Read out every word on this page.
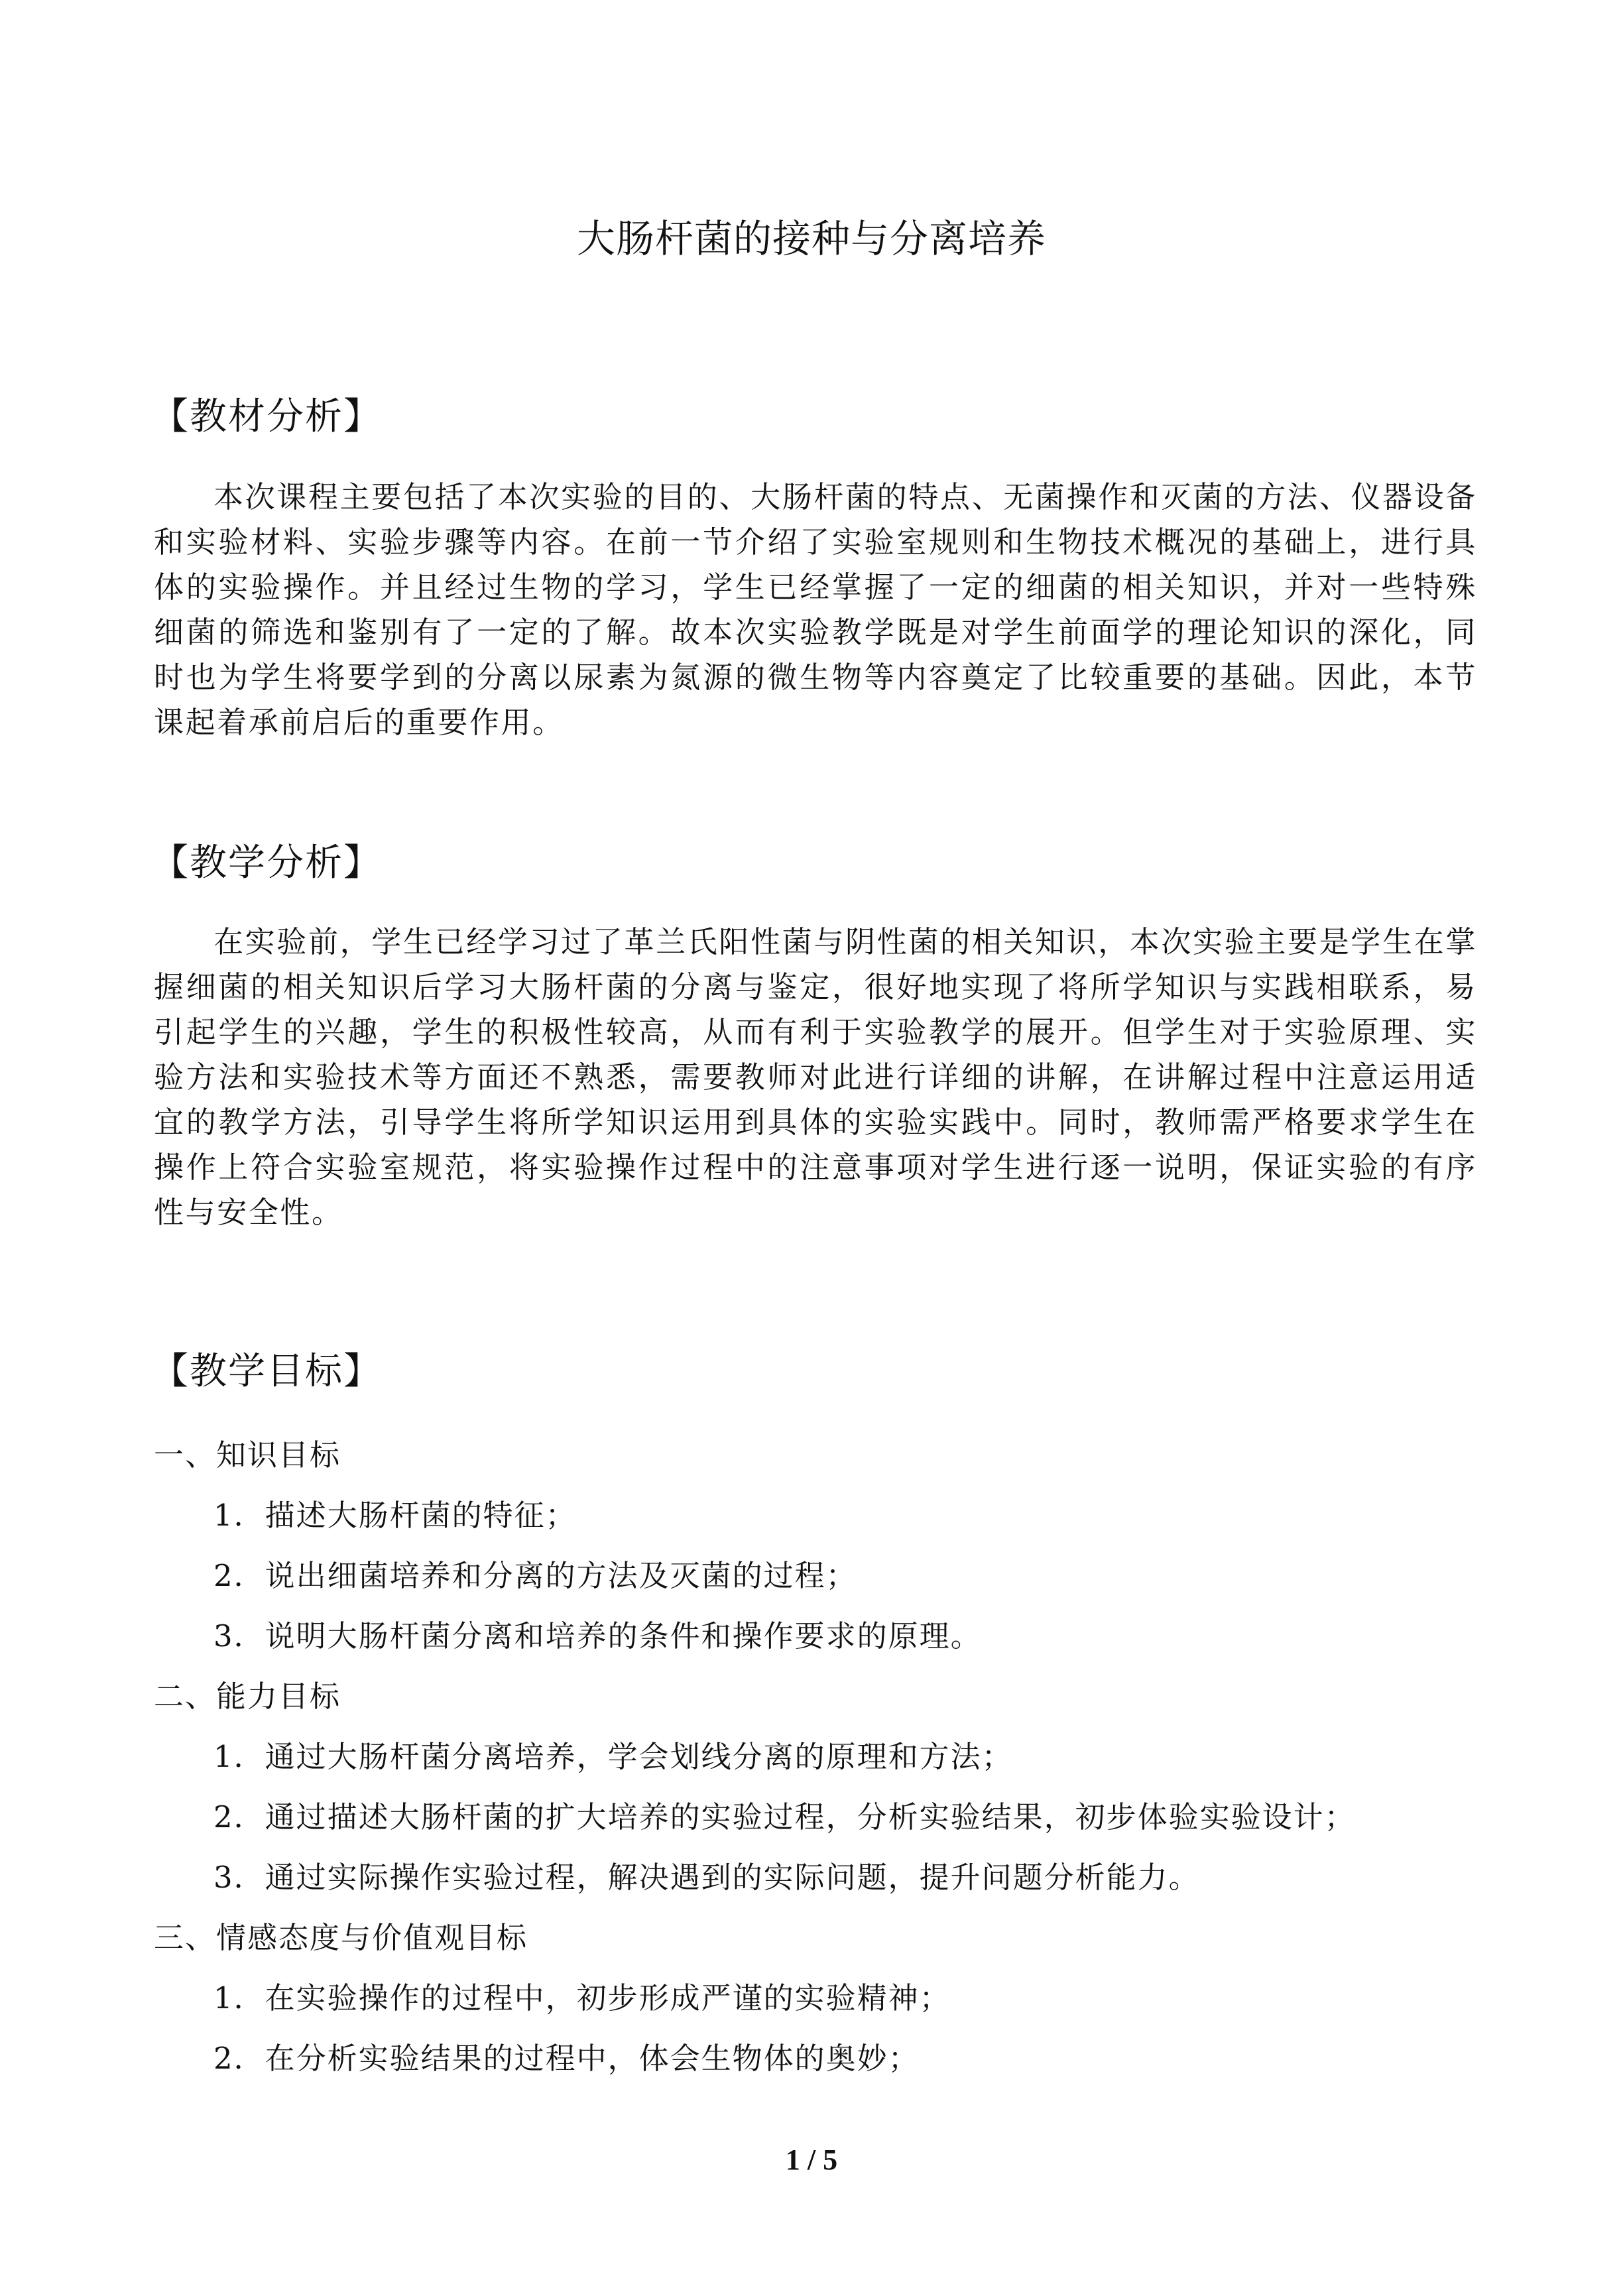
大肠杆菌的接种与分离培养
【教材分析】
本次课程主要包括了本次实验的目的、大肠杆菌的特点、无菌操作和灭菌的方法、仪器设备和实验材料、实验步骤等内容。在前一节介绍了实验室规则和生物技术概况的基础上，进行具体的实验操作。并且经过生物的学习，学生已经掌握了一定的细菌的相关知识，并对一些特殊细菌的筛选和鉴别有了一定的了解。故本次实验教学既是对学生前面学的理论知识的深化，同时也为学生将要学到的分离以尿素为氮源的微生物等内容奠定了比较重要的基础。因此，本节课起着承前启后的重要作用。
【教学分析】
在实验前，学生已经学习过了革兰氏阳性菌与阴性菌的相关知识，本次实验主要是学生在掌握细菌的相关知识后学习大肠杆菌的分离与鉴定，很好地实现了将所学知识与实践相联系，易引起学生的兴趣，学生的积极性较高，从而有利于实验教学的展开。但学生对于实验原理、实验方法和实验技术等方面还不熟悉，需要教师对此进行详细的讲解，在讲解过程中注意运用适宜的教学方法，引导学生将所学知识运用到具体的实验实践中。同时，教师需严格要求学生在操作上符合实验室规范，将实验操作过程中的注意事项对学生进行逐一说明，保证实验的有序性与安全性。
【教学目标】
一、知识目标
1．描述大肠杆菌的特征；
2．说出细菌培养和分离的方法及灭菌的过程；
3．说明大肠杆菌分离和培养的条件和操作要求的原理。
二、能力目标
1．通过大肠杆菌分离培养，学会划线分离的原理和方法；
2．通过描述大肠杆菌的扩大培养的实验过程，分析实验结果，初步体验实验设计；
3．通过实际操作实验过程，解决遇到的实际问题，提升问题分析能力。
三、情感态度与价值观目标
1．在实验操作的过程中，初步形成严谨的实验精神；
2．在分析实验结果的过程中，体会生物体的奥妙；
1 / 5
